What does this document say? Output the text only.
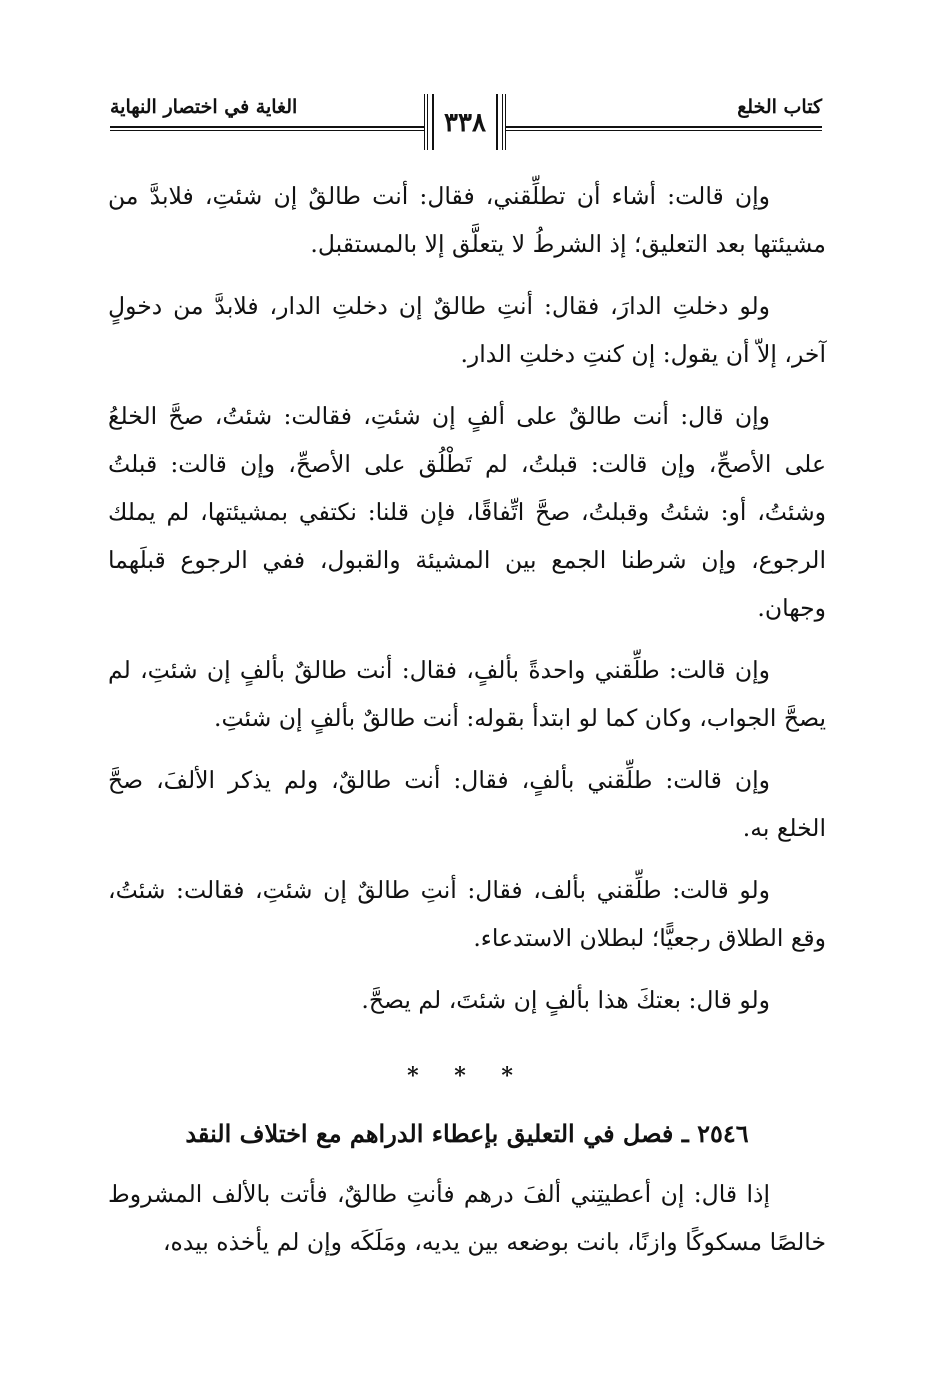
كتاب الخلع
٣٣٨
الغاية في اختصار النهاية

وإن قالت: أشاء أن تطلِّقني، فقال: أنت طالقٌ إن شئتِ، فلابدَّ من مشيئتها بعد التعليق؛ إذ الشرطُ لا يتعلَّق إلا بالمستقبل.

ولو دخلتِ الدارَ، فقال: أنتِ طالقٌ إن دخلتِ الدار، فلابدَّ من دخولٍ آخر، إلاّ أن يقول: إن كنتِ دخلتِ الدار.

وإن قال: أنت طالقٌ على ألفٍ إن شئتِ، فقالت: شئتُ، صحَّ الخلعُ على الأصحِّ، وإن قالت: قبلتُ، لم تَطْلُق على الأصحِّ، وإن قالت: قبلتُ وشئتُ، أو: شئتُ وقبلتُ، صحَّ اتِّفاقًا، فإن قلنا: نكتفي بمشيئتها، لم يملك الرجوع، وإن شرطنا الجمع بين المشيئة والقبول، ففي الرجوع قبلَهما وجهان.

وإن قالت: طلِّقني واحدةً بألفٍ، فقال: أنت طالقٌ بألفٍ إن شئتِ، لم يصحَّ الجواب، وكان كما لو ابتدأ بقوله: أنت طالقٌ بألفٍ إن شئتِ.

وإن قالت: طلِّقني بألفٍ، فقال: أنت طالقٌ، ولم يذكر الألفَ، صحَّ الخلع به.

ولو قالت: طلِّقني بألف، فقال: أنتِ طالقٌ إن شئتِ، فقالت: شئتُ، وقع الطلاق رجعيًّا؛ لبطلان الاستدعاء.

ولو قال: بعتكَ هذا بألفٍ إن شئتَ، لم يصحَّ.

* * *

٢٥٤٦ ـ فصل في التعليق بإعطاء الدراهم مع اختلاف النقد

إذا قال: إن أعطيتِني ألفَ درهم فأنتِ طالقٌ، فأتت بالألف المشروط خالصًا مسكوكًا وازنًا، بانت بوضعه بين يديه، ومَلَكَه وإن لم يأخذه بيده،
